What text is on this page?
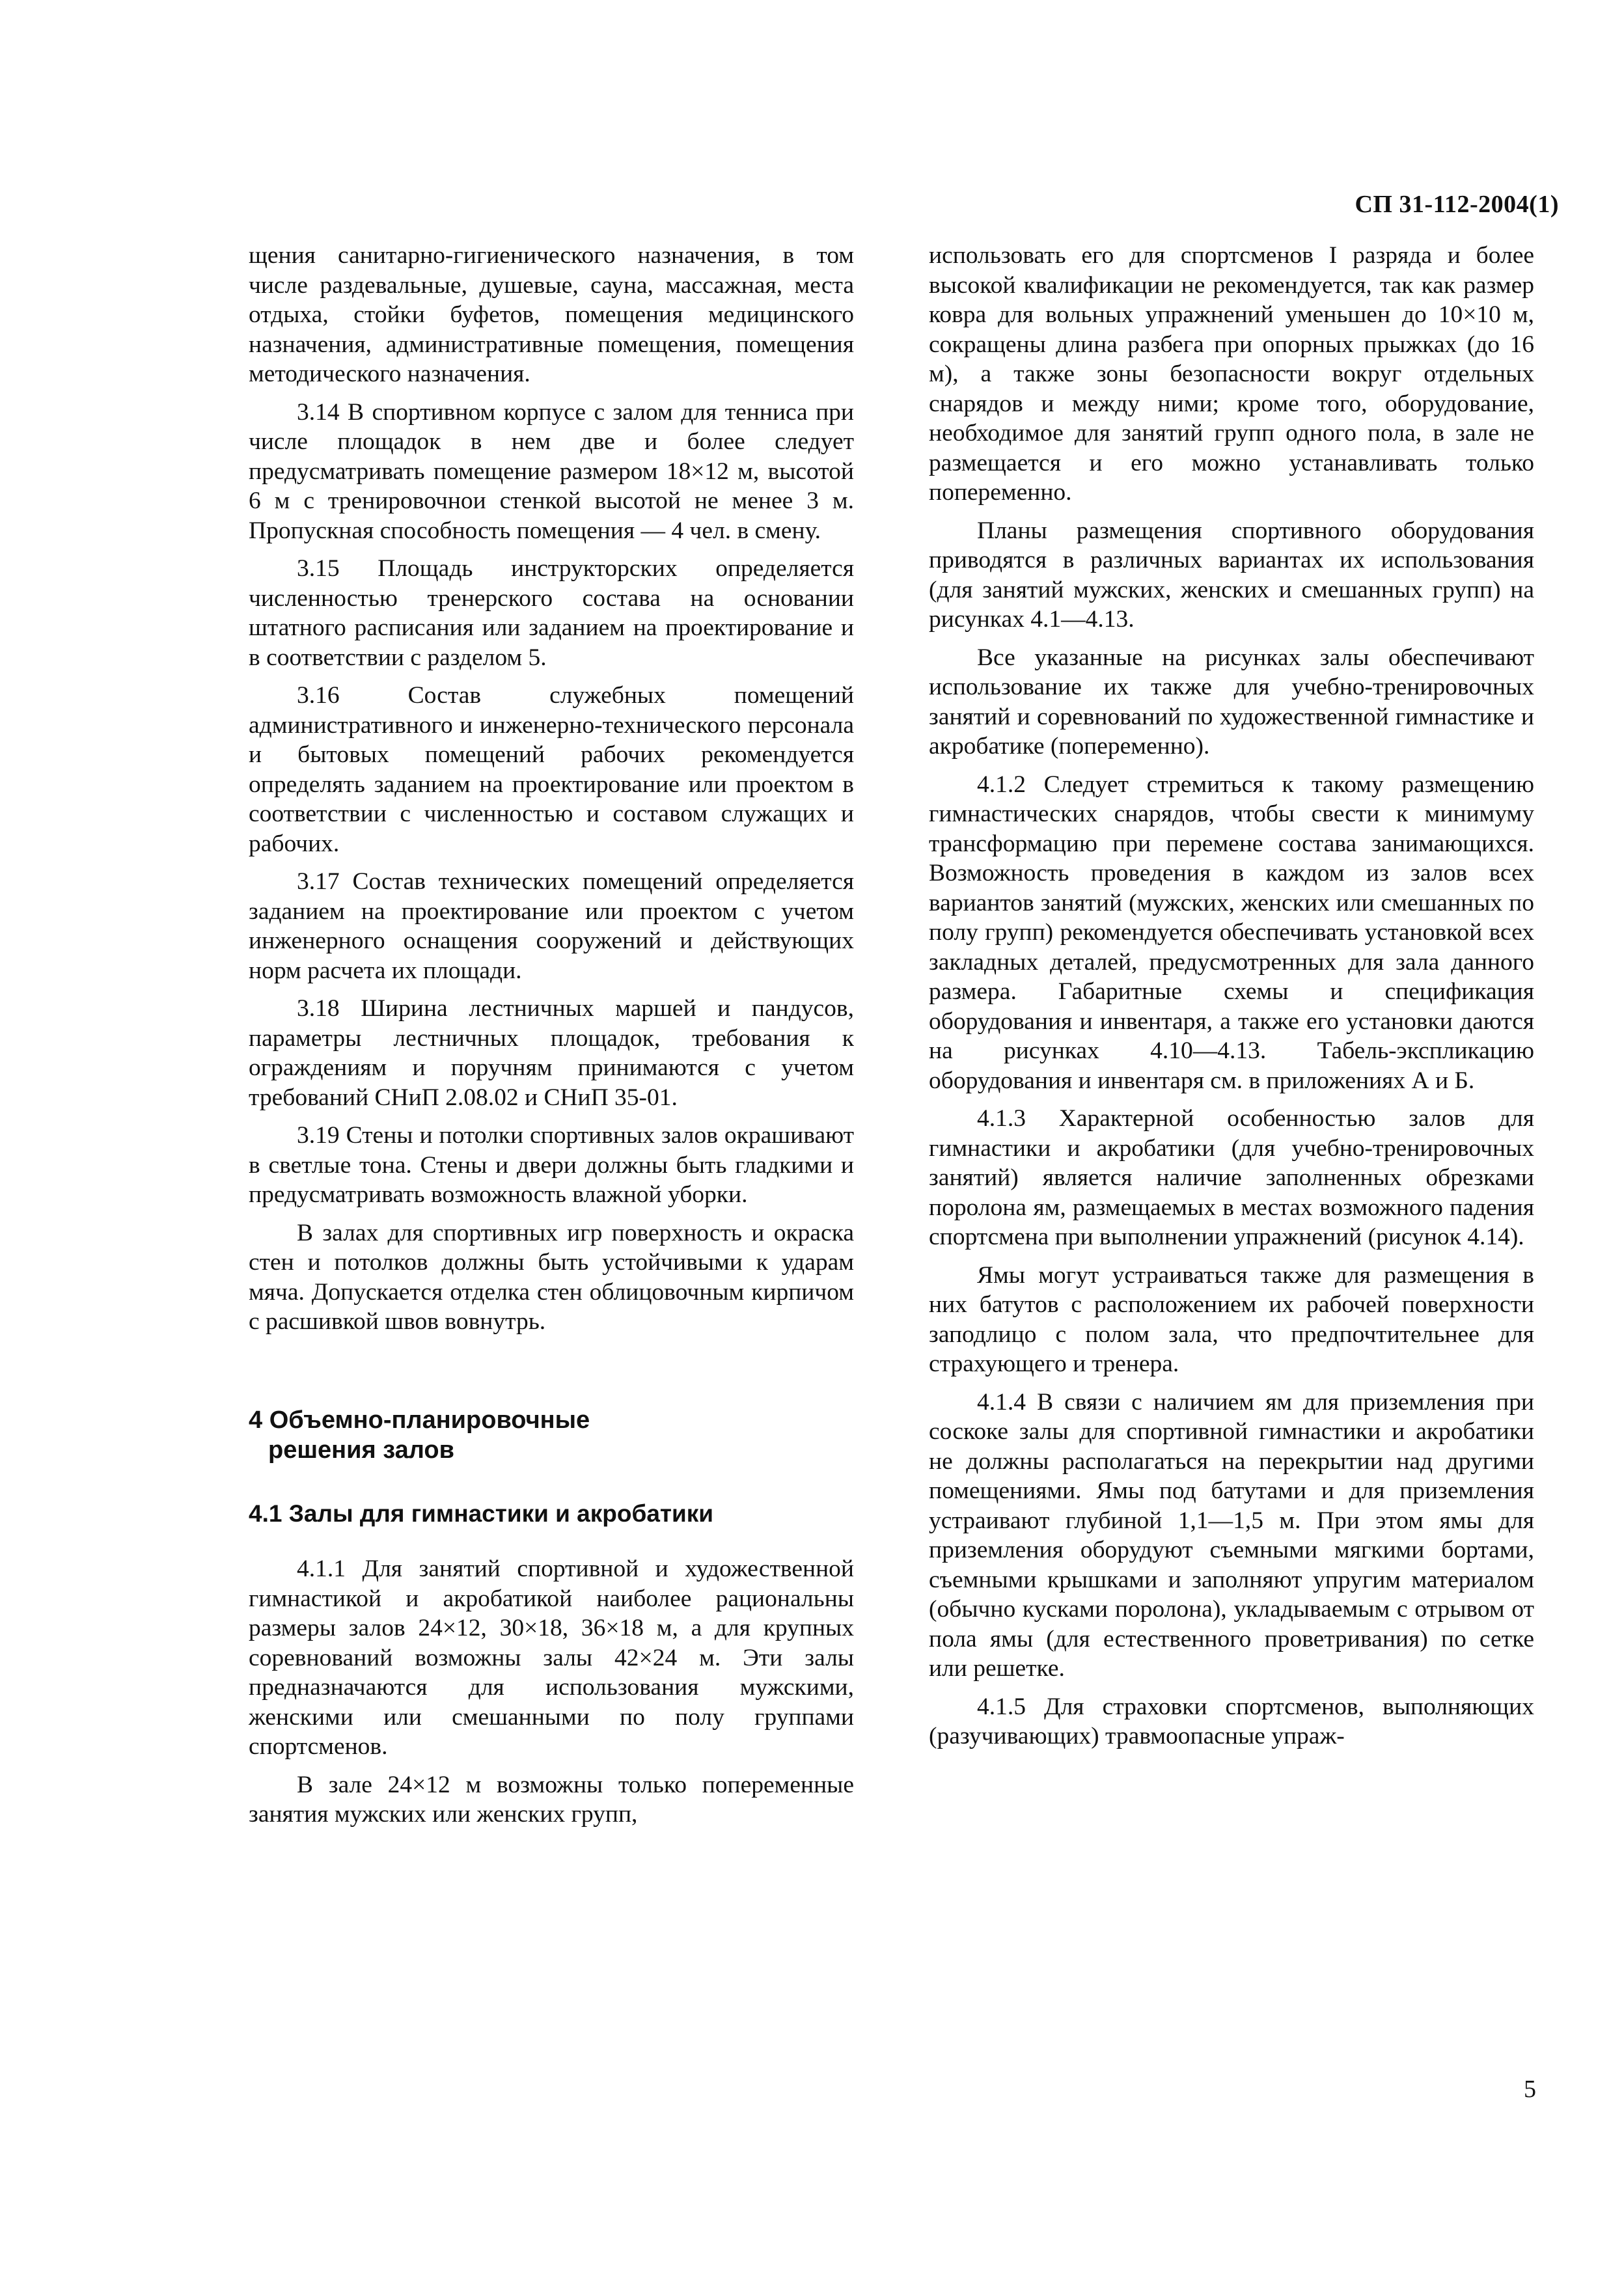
СП 31-112-2004(1)

щения санитарно-гигиенического назначения, в том числе раздевальные, душевые, сауна, массажная, места отдыха, стойки буфетов, помещения медицинского назначения, административные помещения, помещения методического назначения.

3.14 В спортивном корпусе с залом для тенниса при числе площадок в нем две и более следует предусматривать помещение размером 18×12 м, высотой 6 м с тренировочнои стенкой высотой не менее 3 м. Пропускная способность помещения — 4 чел. в смену.

3.15 Площадь инструкторских определяется численностью тренерского состава на основании штатного расписания или заданием на проектирование и в соответствии с разделом 5.

3.16 Состав служебных помещений административного и инженерно-технического персонала и бытовых помещений рабочих рекомендуется определять заданием на проектирование или проектом в соответствии с численностью и составом служащих и рабочих.

3.17 Состав технических помещений определяется заданием на проектирование или проектом с учетом инженерного оснащения сооружений и действующих норм расчета их площади.

3.18 Ширина лестничных маршей и пандусов, параметры лестничных площадок, требования к ограждениям и поручням принимаются с учетом требований СНиП 2.08.02 и СНиП 35-01.

3.19 Стены и потолки спортивных залов окрашивают в светлые тона. Стены и двери должны быть гладкими и предусматривать возможность влажной уборки.

В залах для спортивных игр поверхность и окраска стен и потолков должны быть устойчивыми к ударам мяча. Допускается отделка стен облицовочным кирпичом с расшивкой швов вовнутрь.

4 Объемно-планировочные
решения залов
4.1 Залы для гимнастики и акробатики

4.1.1 Для занятий спортивной и художественной гимнастикой и акробатикой наиболее рациональны размеры залов 24×12, 30×18, 36×18 м, а для крупных соревнований возможны залы 42×24 м. Эти залы предназначаются для использования мужскими, женскими или смешанными по полу группами спортсменов.

В зале 24×12 м возможны только попеременные занятия мужских или женских групп,

использовать его для спортсменов I разряда и более высокой квалификации не рекомендуется, так как размер ковра для вольных упражнений уменьшен до 10×10 м, сокращены длина разбега при опорных прыжках (до 16 м), а также зоны безопасности вокруг отдельных снарядов и между ними; кроме того, оборудование, необходимое для занятий групп одного пола, в зале не размещается и его можно устанавливать только попеременно.

Планы размещения спортивного оборудования приводятся в различных вариантах их использования (для занятий мужских, женских и смешанных групп) на рисунках 4.1—4.13.

Все указанные на рисунках залы обеспечивают использование их также для учебно-тренировочных занятий и соревнований по художественной гимнастике и акробатике (попеременно).

4.1.2 Следует стремиться к такому размещению гимнастических снарядов, чтобы свести к минимуму трансформацию при перемене состава занимающихся. Возможность проведения в каждом из залов всех вариантов занятий (мужских, женских или смешанных по полу групп) рекомендуется обеспечивать установкой всех закладных деталей, предусмотренных для зала данного размера. Габаритные схемы и спецификация оборудования и инвентаря, а также его установки даются на рисунках 4.10—4.13. Табель-экспликацию оборудования и инвентаря см. в приложениях А и Б.

4.1.3 Характерной особенностью залов для гимнастики и акробатики (для учебно-тренировочных занятий) является наличие заполненных обрезками поролона ям, размещаемых в местах возможного падения спортсмена при выполнении упражнений (рисунок 4.14).

Ямы могут устраиваться также для размещения в них батутов с расположением их рабочей поверхности заподлицо с полом зала, что предпочтительнее для страхующего и тренера.

4.1.4 В связи с наличием ям для приземления при соскоке залы для спортивной гимнастики и акробатики не должны располагаться на перекрытии над другими помещениями. Ямы под батутами и для приземления устраивают глубиной 1,1—1,5 м. При этом ямы для приземления оборудуют съемными мягкими бортами, съемными крышками и заполняют упругим материалом (обычно кусками поролона), укладываемым с отрывом от пола ямы (для естественного проветривания) по сетке или решетке.

4.1.5 Для страховки спортсменов, выполняющих (разучивающих) травмоопасные упраж-

5
